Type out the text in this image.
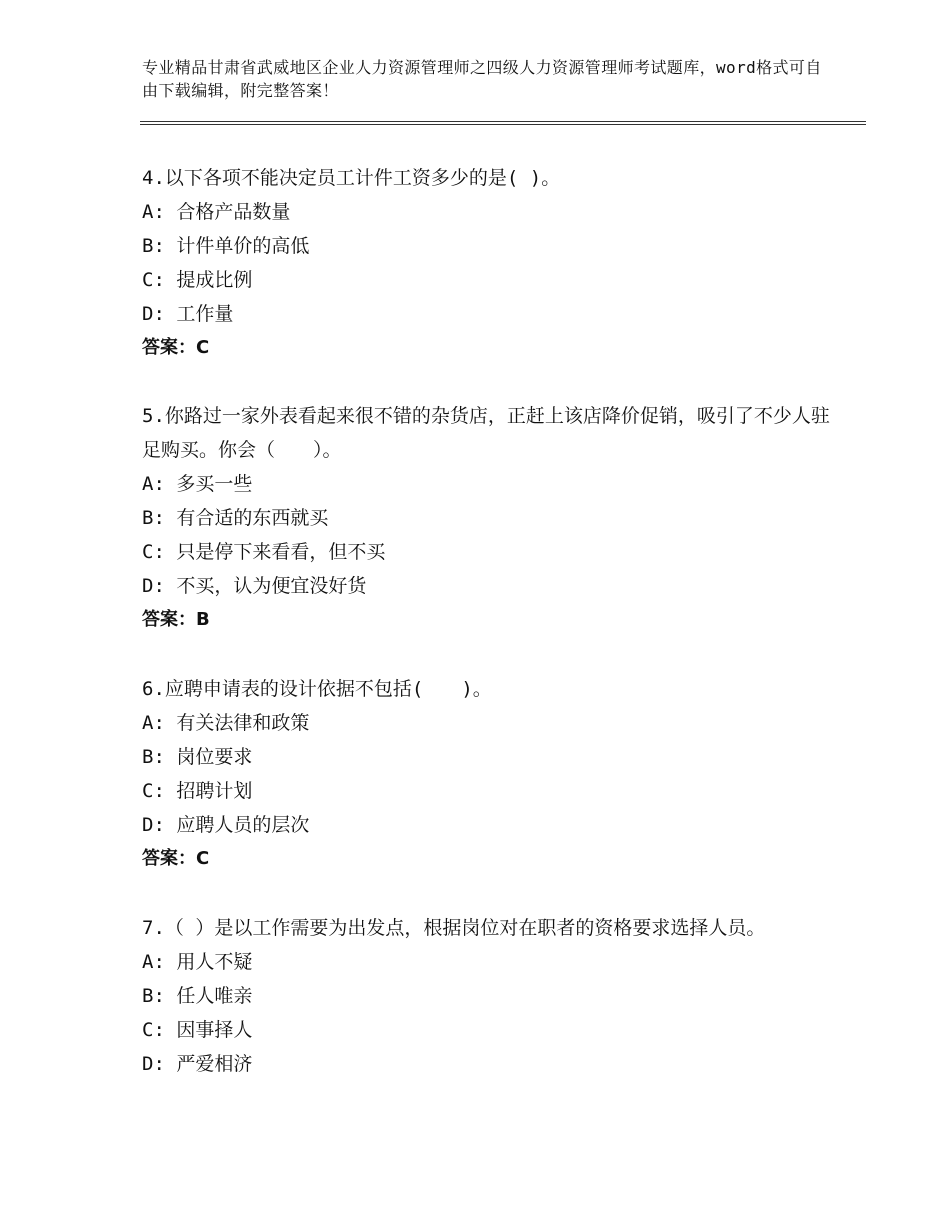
专业精品甘肃省武威地区企业人力资源管理师之四级人力资源管理师考试题库，word格式可自由下载编辑，附完整答案！
4.以下各项不能决定员工计件工资多少的是( )。
A: 合格产品数量
B: 计件单价的高低
C: 提成比例
D: 工作量
答案：C
5.你路过一家外表看起来很不错的杂货店，正赶上该店降价促销，吸引了不少人驻足购买。你会（　　）。
A: 多买一些
B: 有合适的东西就买
C: 只是停下来看看，但不买
D: 不买，认为便宜没好货
答案：B
6.应聘申请表的设计依据不包括(　　)。
A: 有关法律和政策
B: 岗位要求
C: 招聘计划
D: 应聘人员的层次
答案：C
7.（ ）是以工作需要为出发点，根据岗位对在职者的资格要求选择人员。
A: 用人不疑
B: 任人唯亲
C: 因事择人
D: 严爱相济
